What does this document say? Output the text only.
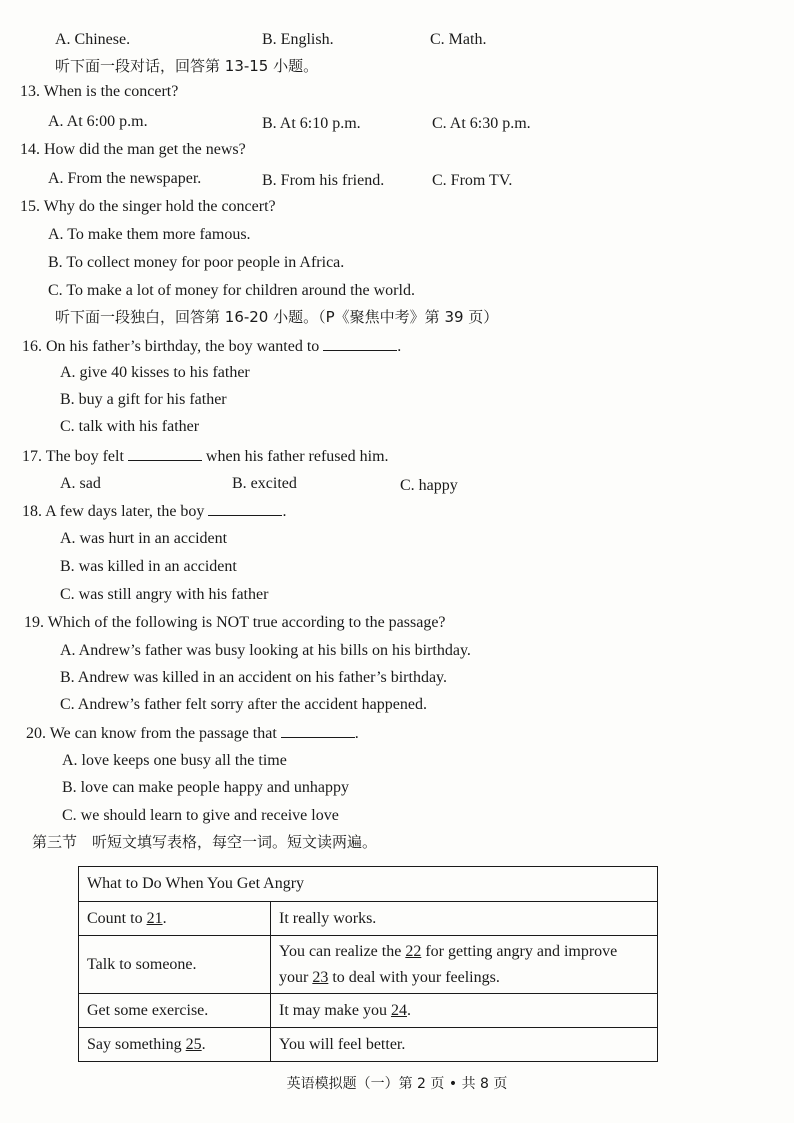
A. Chinese.	B. English.	C. Math.
听下面一段对话，回答第 13-15 小题。
13. When is the concert?
A. At 6:00 p.m.	B. At 6:10 p.m.	C. At 6:30 p.m.
14. How did the man get the news?
A. From the newspaper.	B. From his friend.	C. From TV.
15. Why do the singer hold the concert?
A. To make them more famous.
B. To collect money for poor people in Africa.
C. To make a lot of money for children around the world.
听下面一段独白，回答第 16-20 小题。（P《聚焦中考》第 39 页）
16. On his father’s birthday, the boy wanted to	.
A. give 40 kisses to his father
B. buy a gift for his father
C. talk with his father
17. The boy felt	when his father refused him.
A. sad	B. excited	C. happy
18. A few days later, the boy	.
A. was hurt in an accident
B. was killed in an accident
C. was still angry with his father
19. Which of the following is NOT true according to the passage?
A. Andrew’s father was busy looking at his bills on his birthday.
B. Andrew was killed in an accident on his father’s birthday.
C. Andrew’s father felt sorry after the accident happened.
20. We can know from the passage that	.
A. love keeps one busy all the time
B. love can make people happy and unhappy
C. we should learn to give and receive love
第三节　听短文填写表格，每空一词。短文读两遍。
What to Do When You Get Angry	
Count to 21.	It really works.
Talk to someone.	You can realize the 22 for getting angry and improve
your 23 to deal with your feelings.
Get some exercise.	It may make you 24.
Say something 25.	You will feel better.
英语模拟题（一）第 2 页 • 共 8 页
